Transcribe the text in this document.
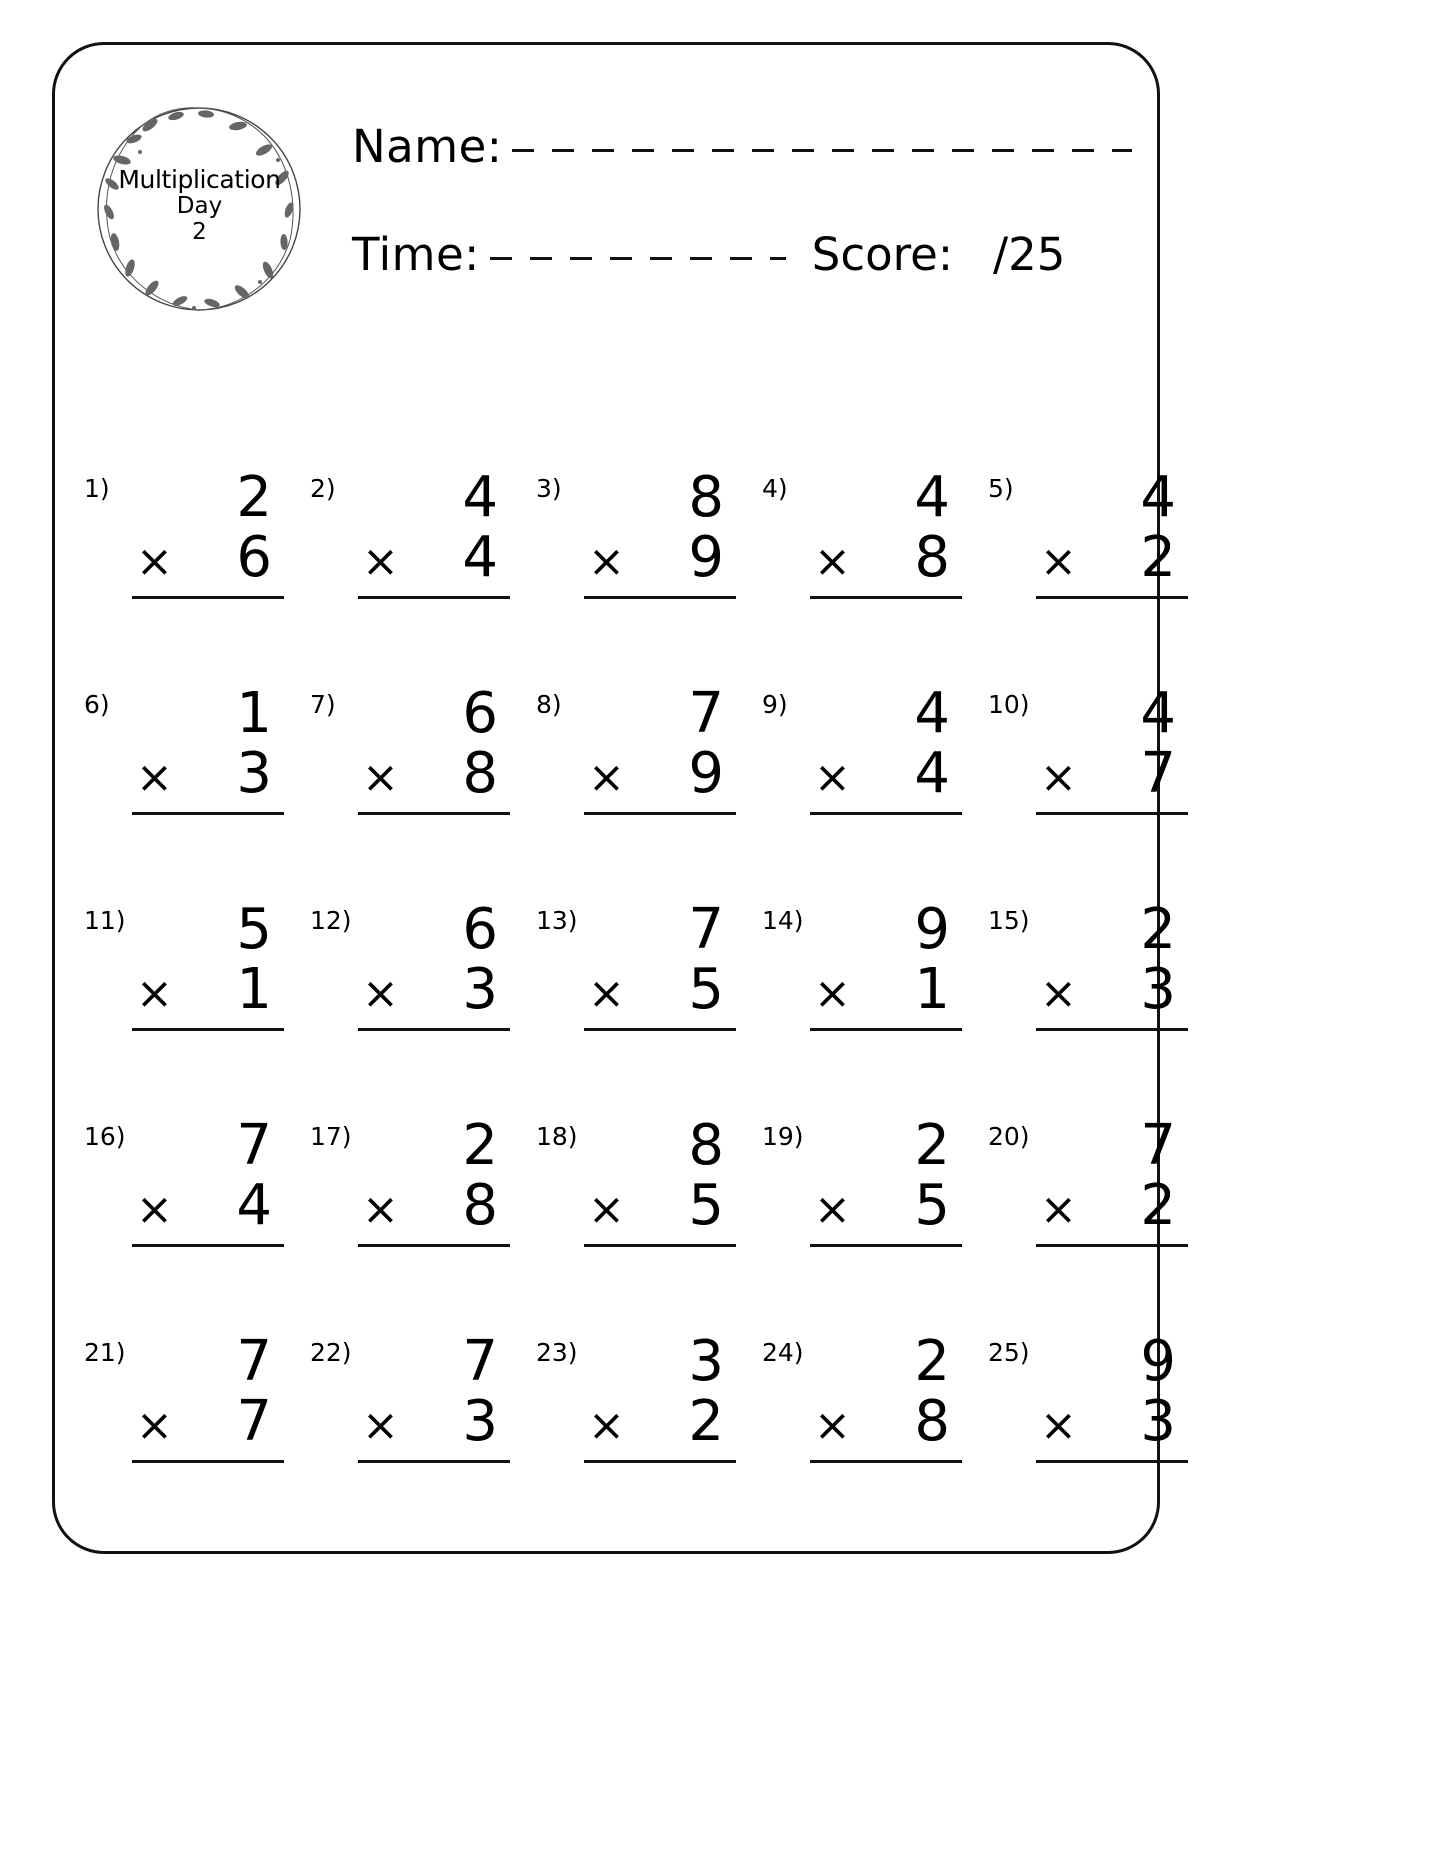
Multiplication
Day
2
Name:
Time:	Score: /25
1) 2
× 6
2) 4
× 4
3) 8
× 9
4) 4
× 8
5) 4
× 2
6) 1
× 3
7) 6
× 8
8) 7
× 9
9) 4
× 4
10) 4
× 7
11) 5
× 1
12) 6
× 3
13) 7
× 5
14) 9
× 1
15) 2
× 3
16) 7
× 4
17) 2
× 8
18) 8
× 5
19) 2
× 5
20) 7
× 2
21) 7
× 7
22) 7
× 3
23) 3
× 2
24) 2
× 8
25) 9
× 3
